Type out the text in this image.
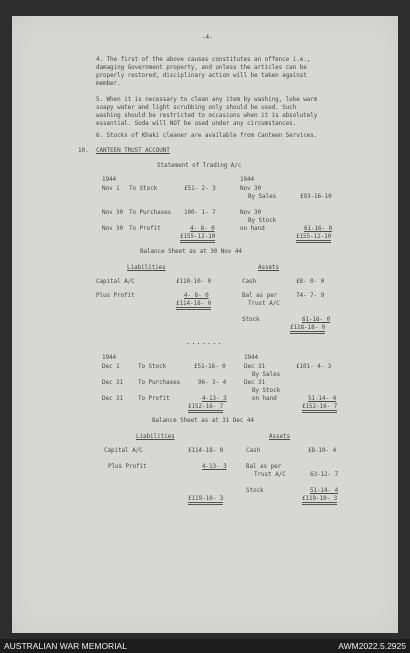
-4-
4. The first of the above causes constitutes an offence i.e.,
damaging Government property, and unless the articles can be
properly restored, disciplinary action will be taken against
member.
5. When it is necessary to clean any item by washing, luke warm
soapy water and light scrubbing only should be used. Such
washing should be restricted to occasions when it is absolutely
essential. Soda will NOT be used under any circumstances.
6. Stocks of Khaki cleaner are available from Canteen Services.
10. CANTEEN TRUST ACCOUNT
Statement of Trading A/c
1944	1944
Nov 1 To Stock	£51- 2- 3	Nov 30
By Sales	£93-16-10
Nov 30 To Purchases 100- 1- 7	Nov 30
By Stock
Nov 30 To Profit	4- 8- 0	on hand	61-16- 0
£155-12-10	£155-12-10
Balance Sheet as at 30 Nov 44
Liabilities	Assets
Capital A/C	£110-10- 0	Cash	£8- 0- 0
Plus Profit	4- 8- 0	Bal as per	74- 7- 9
Trust A/C
£114-18- 0
Stock	61-16- 0
£118-18- 0
.......
1944	1944
Dec 1	To Stock	£51-16- 0	Dec 31	£101- 4- 3
By Sales
Dec 31 To Purchases	96- 3- 4	Dec 31
By Stock
Dec 31 To Profit	4-13- 3	on hand	51-14- 4
£152-16- 7	£152-16- 7
Balance Sheet as at 31 Dec 44
Liabilities	Assets
Capital A/C	£114-18- 0	Cash	£8-10- 4
Plus Profit	4-13- 3	Bal as per
Trust A/C	63-12- 7
Stock	51-14- 4
£119-10- 3	£119-10- 3
AUSTRALIAN WAR MEMORIAL	AWM2022.5.2925
